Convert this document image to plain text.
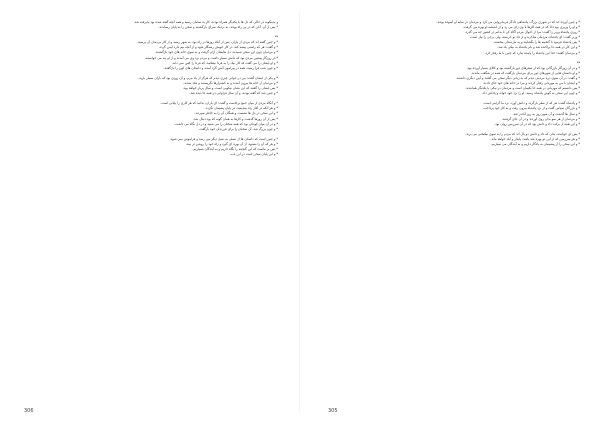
و بدینگونه در حالی که دل ها با یکدیگر همراه بودند، کار به سامان رسید و همه آنچه گفته شده بود پذیرفته شد.
* پس از آن، آنان که در پی راه بودند، به نزدیک سرای بازگشتند و سخن را به پایان رساندند.
**
* و چنین گفته اند که مردی از یاران، پس از آنکه روزها در راه بود، به شهر رسید و از کار مردمان آن پرسید.
* و گفت: هر که راستی پیشه کند، در کار خویش رستگار شود و از آنچه بیم دارد ایمن گردد.
* و مردمان چون این سخن شنیدند، دل هایشان آرام گرفت و به سوی خانه های خود بازگشتند.
* در روزگار پیشین مردی بود که دانش بسیار داشت و مردم نزد وی می آمدند و از او پند می خواستند.
* و او ایشان را می گفت که کار نیک را به فردا نیفکنید، که فردا را کس نمی داند.
* و چون شب فرا رسید، همه در پیرامون آتش گرد آمدند و داستان های کهن را بازگفتند.
* و یکی از ایشان گفت: من در جوانی چیزی دیدم که هرگز از یاد نبرم، و آن روزی بود که باران بسیار بارید.
* و مردمان از خانه ها بیرون آمدند و به کشتزارها نگریستند و شاد شدند.
* پس ایشان را گفتند که این نشان نیکویی است، و سال پربار خواهد بود.
* و چنین شد که گفته بودند، و آن سال فراوانی در همه جا دیده شد.
* و آنگاه مردی از میان جمع برخاست و گفت: ای یاران، بدانید که هر کاری را پایانی است.
* و هر آنکه در آغاز راه بیندیشد، در پایان پشیمان نگردد.
* و این سخن در دل ها نشست و همگان آن را به خاطر سپردند.
* پس از آن روزها گذشت و کارها به همان گونه که بود دنبال شد.
* و در آن میان کودکی بود که همه سخنان را می شنید و در دل نگاه می داشت.
* و چون بزرگ شد، آن سخنان را برای فرزندان خود بازگفت.
* و چنین است که داستان ها از نسلی به نسل دیگر می رسد و فراموش نمی شود.
* و هر که آن را بشنود، از آن بهره ای گیرد و راه خود را روشن تر بیند.
* پس بر ماست که این گنجینه را نگاه داریم و به آیندگان بسپاریم.
* و این پایان سخن است در این باب.
306
* و چنین آورده اند که در شهری بزرگ، پادشاهی دادگر فرمانروایی می کرد و مردمان در سایه او آسوده بودند.
* و او را وزیری بود دانا که در همه کارها با وی رای می زد و از اندیشه او بهره می گرفت.
* روزی پادشاه وزیر را گفت: مرا از احوال مردم آگاه کن تا بدانم در کشور چه می گذرد.
* وزیر گفت: ای پادشاه، مردمان شاکرند و از داد تو خرسند، ولی برخی را نیاز است.
* پس پادشاه فرمود تا گنجینه ها را بگشایند و به نیازمندان ببخشند.
* و این کار در همه جا پراکنده شد و نام پادشاه به نیکی یاد شد.
* و مردمان گفتند: خدا این پادشاه را پاینده بدارد که چنین با ما رفتار کرد.
**
* و در آن روزگار بازرگانی بود که از سفرهای دور بازگشته بود و کالای بسیار آورده بود.
* و او داستان هایی از شهرهای دور برای مردمان بازگفت که همه در شگفت ماندند.
* و گفت: در آن سوی دریا مردمی دیدم که به زبانی دیگر سخن می گفتند و آیین دیگری داشتند.
* و ایشان با من به مهربانی رفتار کردند و مرا در خانه های خود جای دادند.
* پس دانستم که مهربانی در همه جا یکسان است و مردمان در نیکی با یکدیگر همانندند.
* و چون این سخن به گوش پادشاه رسید، او را نزد خود خواند و پاداش داد.
* و پادشاه گفت: هر که از سفر بازگردد و دانش آورد، نزد ما گرامی است.
* و بازرگان سپاس گفت و از نزد پادشاه بیرون رفت و به کار خود پرداخت.
* و سال ها گذشت و آن شهر روز به روز آبادتر شد.
* و مردمان از هر سو بدان روی آوردند و در آن جای گرفتند.
* و این همه از برکت داد و دانش بود که در آن سرزمین روان بود.
* پس ای خواننده، بدان که داد و دانش دو بال اند که مردم را به سوی نیکبختی می برند.
* و هر سرزمین که از این دو بهره مند باشد، پایدار و آباد خواهد ماند.
* و این سخن را از پیشینیان به یادگار داریم و به آیندگان می سپاریم.
305
